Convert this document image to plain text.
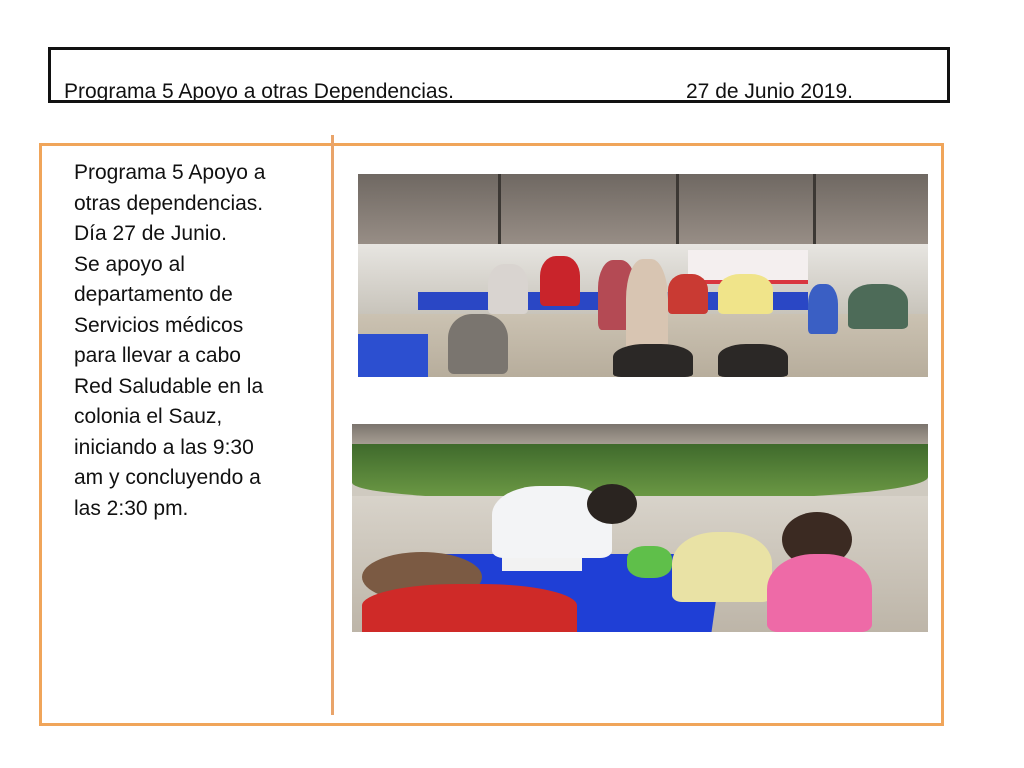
Programa 5 Apoyo a otras Dependencias.	27 de Junio 2019.
Programa 5 Apoyo a
otras dependencias.
Día 27 de Junio.
Se apoyo al
departamento de
Servicios médicos
para llevar a cabo
Red Saludable en la
colonia el Sauz,
iniciando a las 9:30
am y concluyendo a
las 2:30 pm.
